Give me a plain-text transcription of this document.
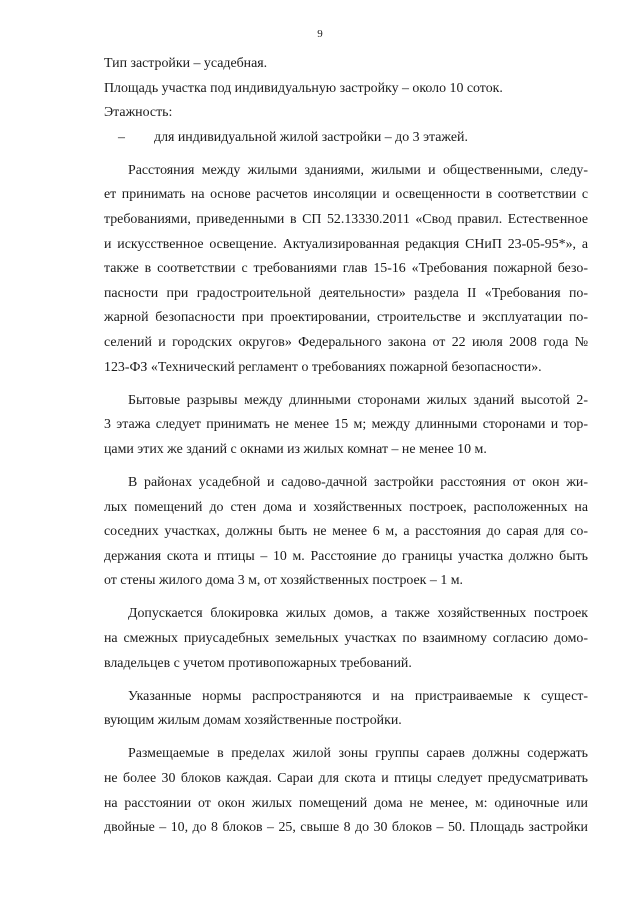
9
Тип застройки – усадебная.
Площадь участка под индивидуальную застройку – около 10 соток.
Этажность:
– для индивидуальной жилой застройки – до 3 этажей.
Расстояния между жилыми зданиями, жилыми и общественными, следу-
ет принимать на основе расчетов инсоляции и освещенности в соответствии с
требованиями, приведенными в СП 52.13330.2011 «Свод правил. Естественное
и искусственное освещение. Актуализированная редакция СНиП 23-05-95*», а
также в соответствии с требованиями глав 15-16 «Требования пожарной безо-
пасности при градостроительной деятельности» раздела II «Требования по-
жарной безопасности при проектировании, строительстве и эксплуатации по-
селений и городских округов» Федерального закона от 22 июля 2008 года №
123-ФЗ «Технический регламент о требованиях пожарной безопасности».
Бытовые разрывы между длинными сторонами жилых зданий высотой 2-
3 этажа следует принимать не менее 15 м; между длинными сторонами и тор-
цами этих же зданий с окнами из жилых комнат – не менее 10 м.
В районах усадебной и садово-дачной застройки расстояния от окон жи-
лых помещений до стен дома и хозяйственных построек, расположенных на
соседних участках, должны быть не менее 6 м, а расстояния до сарая для со-
держания скота и птицы – 10 м. Расстояние до границы участка должно быть
от стены жилого дома 3 м, от хозяйственных построек – 1 м.
Допускается блокировка жилых домов, а также хозяйственных построек
на смежных приусадебных земельных участках по взаимному согласию домо-
владельцев с учетом противопожарных требований.
Указанные нормы распространяются и на пристраиваемые к сущест-
вующим жилым домам хозяйственные постройки.
Размещаемые в пределах жилой зоны группы сараев должны содержать
не более 30 блоков каждая. Сараи для скота и птицы следует предусматривать
на расстоянии от окон жилых помещений дома не менее, м: одиночные или
двойные – 10, до 8 блоков – 25, свыше 8 до 30 блоков – 50. Площадь застройки
